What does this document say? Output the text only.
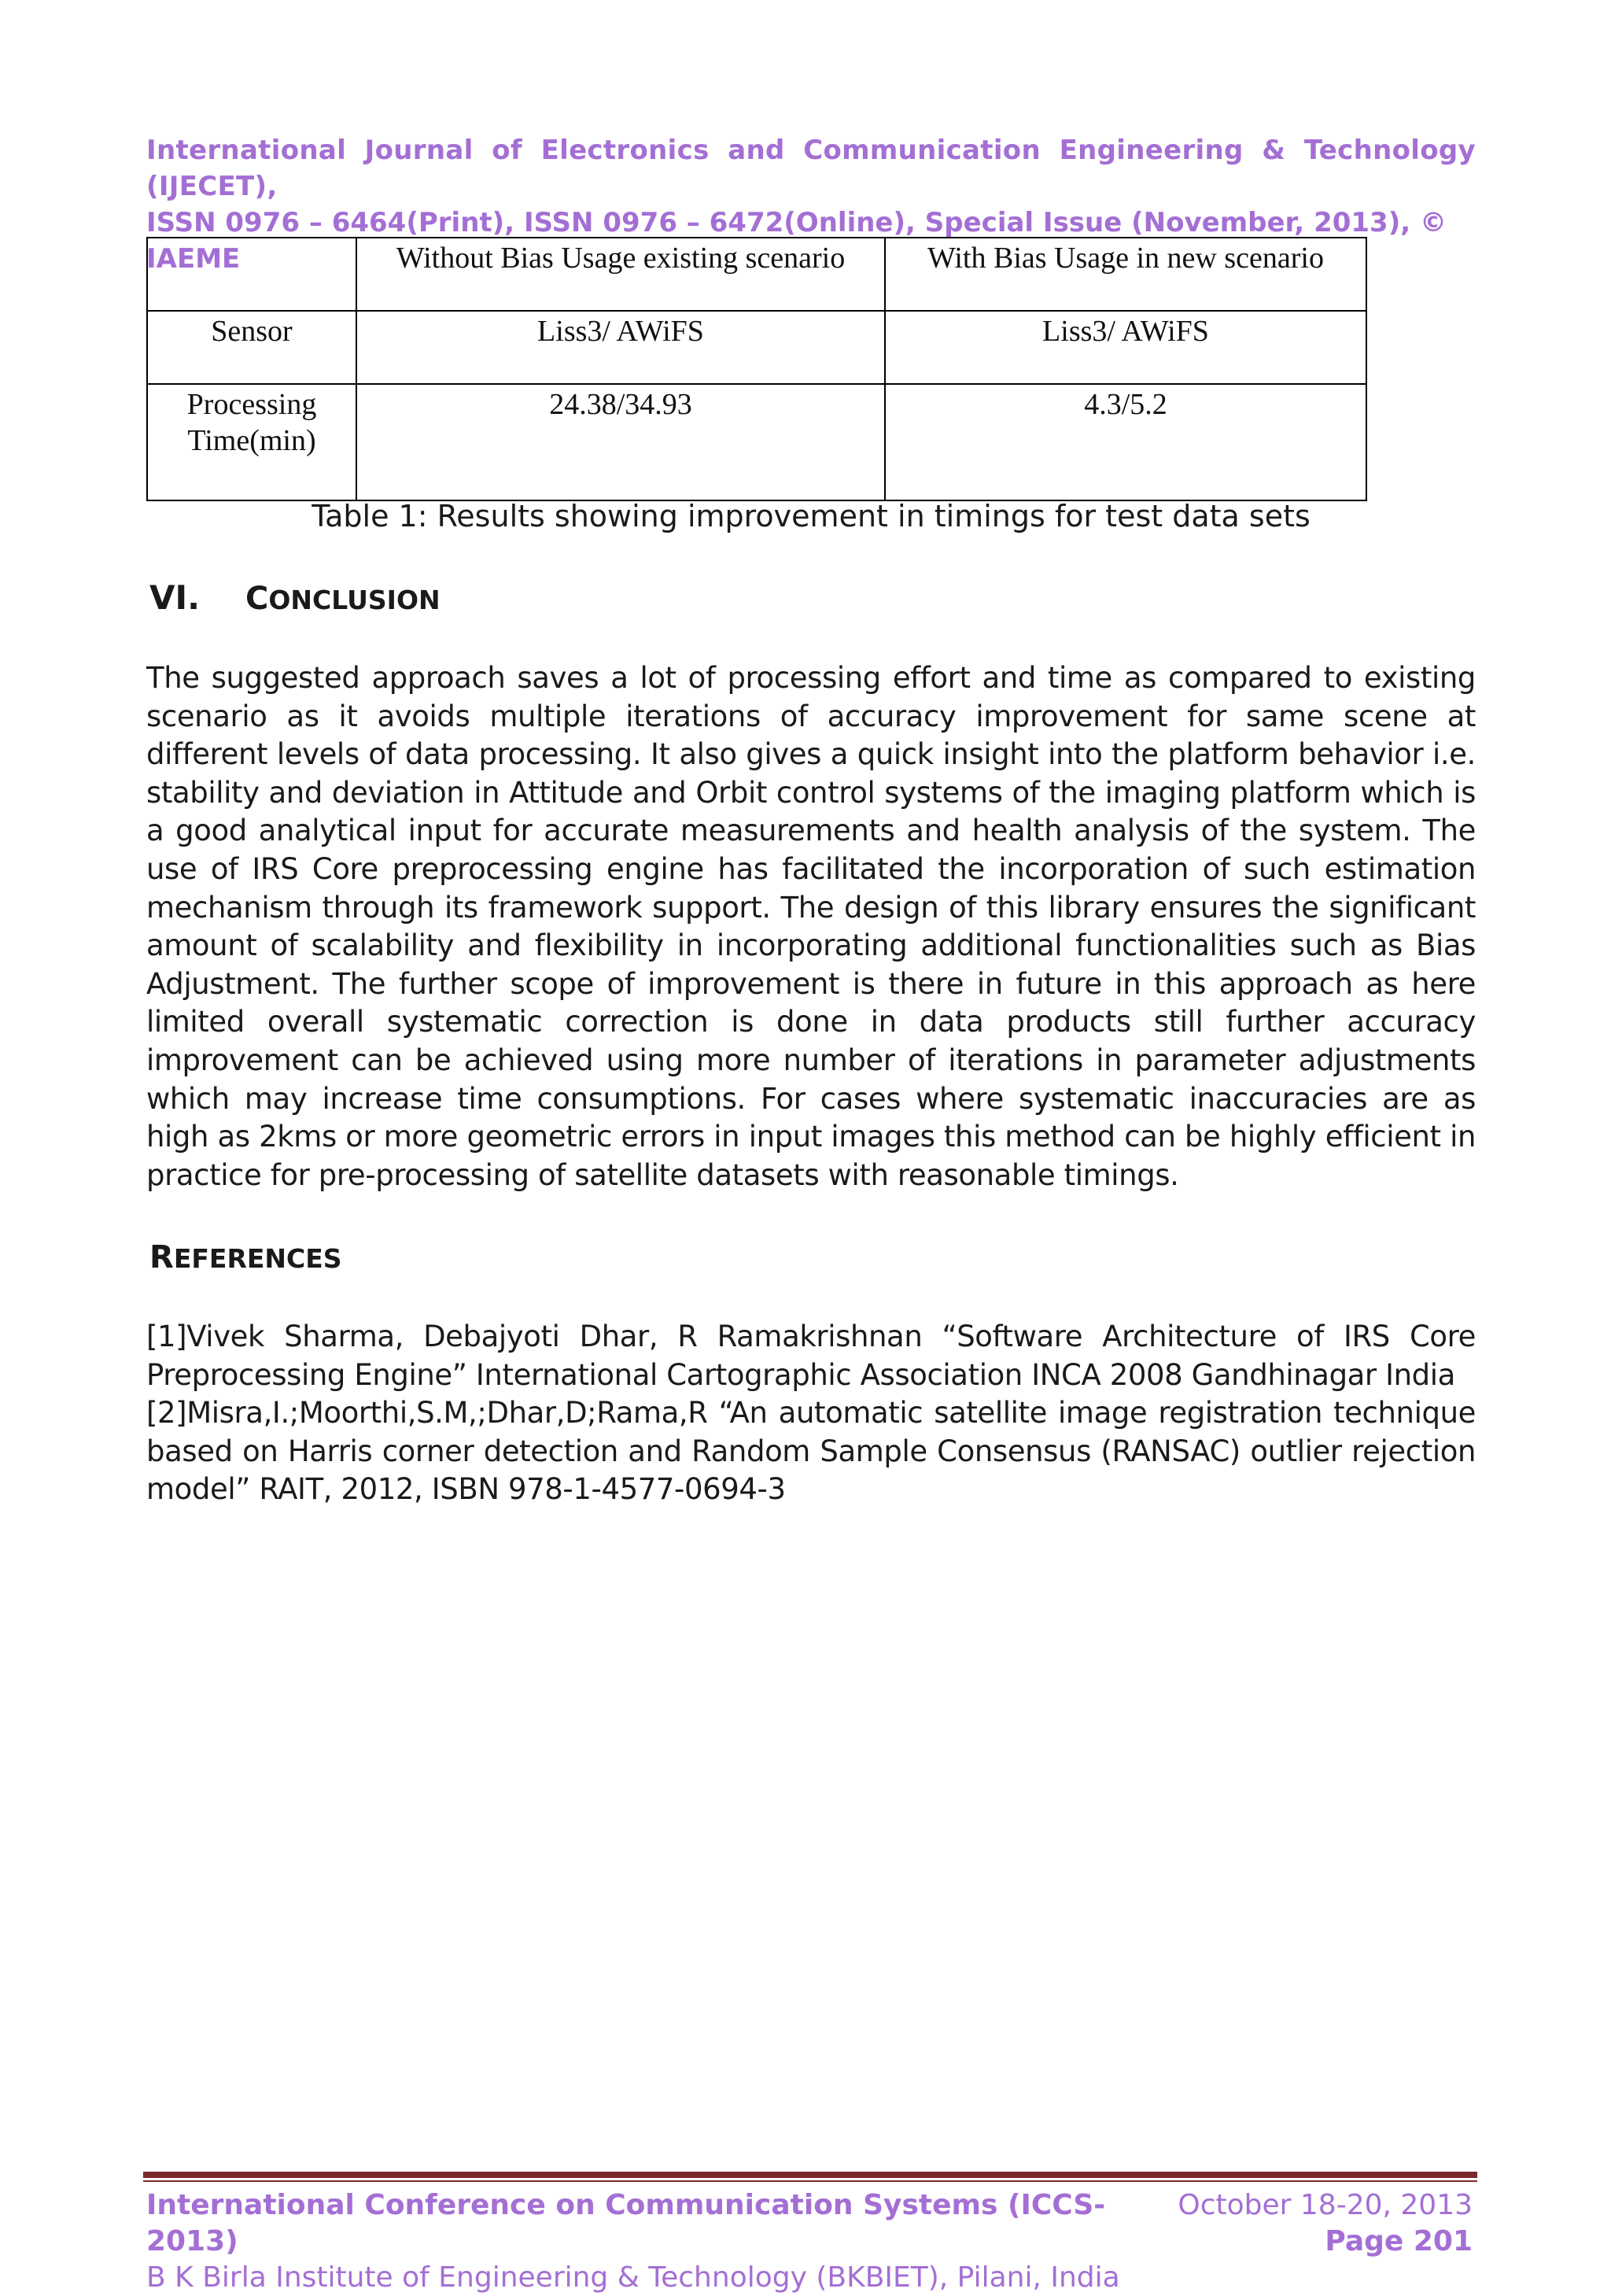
International Journal of Electronics and Communication Engineering & Technology (IJECET),
ISSN 0976 – 6464(Print), ISSN 0976 – 6472(Online), Special Issue (November, 2013), © IAEME
		Without Bias Usage existing scenario	With Bias Usage in new scenario
Sensor	Liss3/ AWiFS	Liss3/ AWiFS
Processing
Time(min)	24.38/34.93	4.3/5.2
Table 1: Results showing improvement in timings for test data sets
VI. CONCLUSION
The suggested approach saves a lot of processing effort and time as compared to existing scenario as it avoids multiple iterations of accuracy improvement for same scene at different levels of data processing. It also gives a quick insight into the platform behavior i.e. stability and deviation in Attitude and Orbit control systems of the imaging platform which is a good analytical input for accurate measurements and health analysis of the system. The use of IRS Core preprocessing engine has facilitated the incorporation of such estimation mechanism through its framework support. The design of this library ensures the significant amount of scalability and flexibility in incorporating additional functionalities such as Bias Adjustment. The further scope of improvement is there in future in this approach as here limited overall systematic correction is done in data products still further accuracy improvement can be achieved using more number of iterations in parameter adjustments which may increase time consumptions. For cases where systematic inaccuracies are as high as 2kms or more geometric errors in input images this method can be highly efficient in practice for pre-processing of satellite datasets with reasonable timings.
REFERENCES
[1]Vivek Sharma, Debajyoti Dhar, R Ramakrishnan “Software Architecture of IRS Core Preprocessing Engine” International Cartographic Association INCA 2008 Gandhinagar India
[2]Misra,I.;Moorthi,S.M,;Dhar,D;Rama,R “An automatic satellite image registration technique based on Harris corner detection and Random Sample Consensus (RANSAC) outlier rejection model” RAIT, 2012, ISBN 978-1-4577-0694-3
International Conference on Communication Systems (ICCS-2013)
B K Birla Institute of Engineering & Technology (BKBIET), Pilani, India
October 18-20, 2013
Page 201
